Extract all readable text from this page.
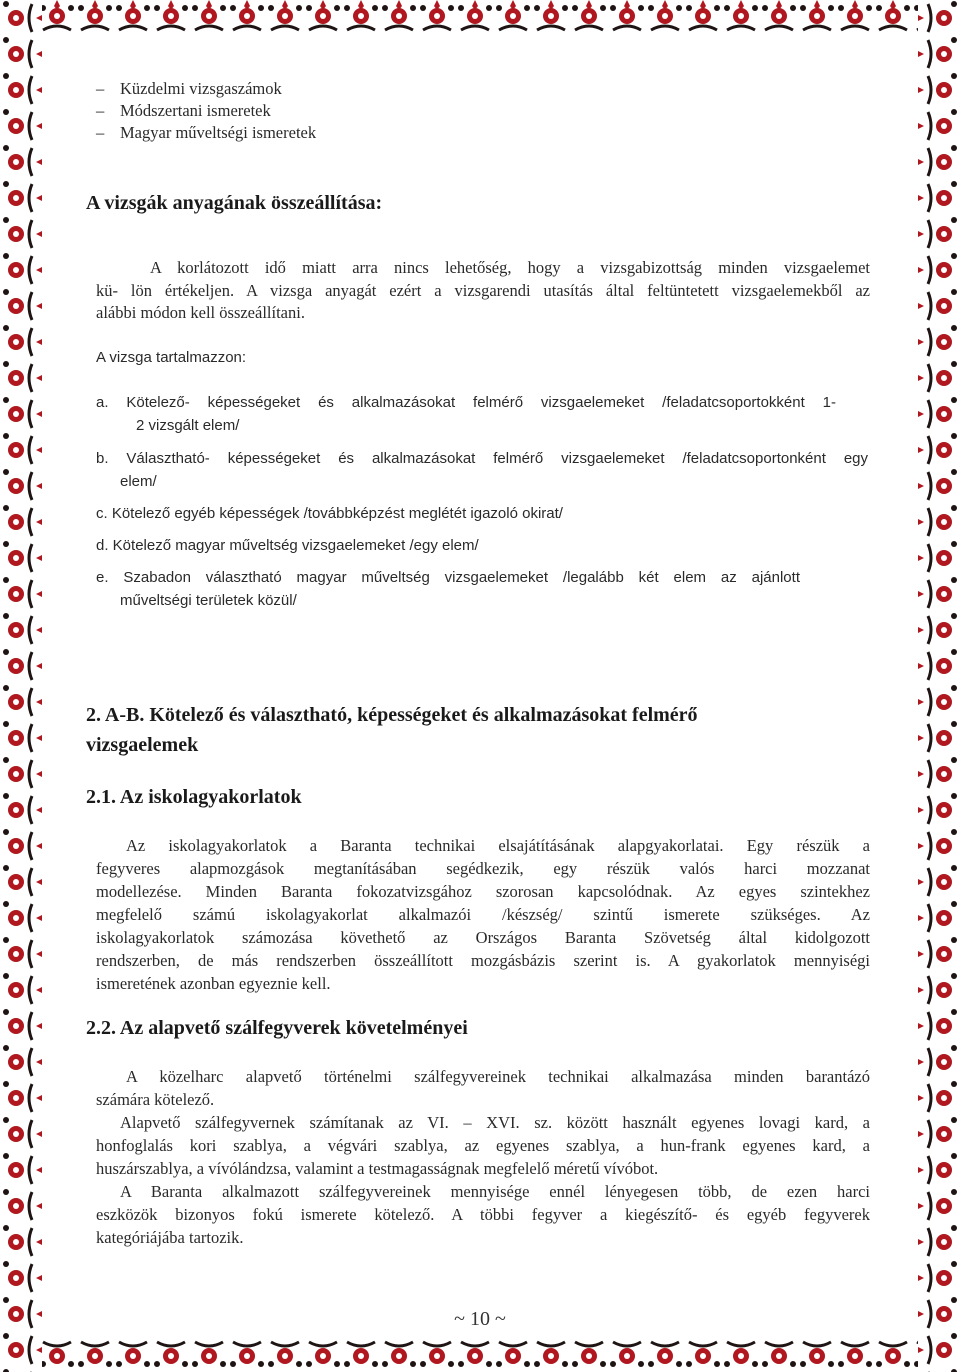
– Küzdelmi vizsgaszámok
– Módszertani ismeretek
– Magyar műveltségi ismeretek
A vizsgák anyagának összeállítása:
A korlátozott idő miatt arra nincs lehetőség, hogy a vizsgabizottság minden vizsgaelemet
kü- lön értékeljen. A vizsga anyagát ezért a vizsgarendi utasítás által feltüntetett vizsgaelemekből az
alábbi módon kell összeállítani.
A vizsga tartalmazzon:
a. Kötelező- képességeket és alkalmazásokat felmérő vizsgaelemeket /feladatcsoportokként 1-
2 vizsgált elem/
b. Választható- képességeket és alkalmazásokat felmérő vizsgaelemeket /feladatcsoportonként egy
elem/
c. Kötelező egyéb képességek /továbbképzést meglétét igazoló okirat/
d. Kötelező magyar műveltség vizsgaelemeket /egy elem/
e. Szabadon választható magyar műveltség vizsgaelemeket /legalább két elem az ajánlott
műveltségi területek közül/
2. A-B. Kötelező és választható, képességeket és alkalmazásokat felmérő
vizsgaelemek
2.1. Az iskolagyakorlatok
Az iskolagyakorlatok a Baranta technikai elsajátításának alapgyakorlatai. Egy részük a
fegyveres alapmozgások megtanításában segédkezik, egy részük valós harci mozzanat
modellezése. Minden Baranta fokozatvizsgához szorosan kapcsolódnak. Az egyes szintekhez
megfelelő számú iskolagyakorlat alkalmazói /készség/ szintű ismerete szükséges. Az
iskolagyakorlatok számozása követhető az Országos Baranta Szövetség által kidolgozott
rendszerben, de más rendszerben összeállított mozgásbázis szerint is. A gyakorlatok mennyiségi
ismeretének azonban egyeznie kell.
2.2. Az alapvető szálfegyverek követelményei
A közelharc alapvető történelmi szálfegyvereinek technikai alkalmazása minden barantázó
számára kötelező.
Alapvető szálfegyvernek számítanak az VI. – XVI. sz. között használt egyenes lovagi kard, a
honfoglalás kori szablya, a végvári szablya, az egyenes szablya, a hun-frank egyenes kard, a
huszárszablya, a vívólándzsa, valamint a testmagasságnak megfelelő méretű vívóbot.
A Baranta alkalmazott szálfegyvereinek mennyisége ennél lényegesen több, de ezen harci
eszközök bizonyos fokú ismerete kötelező. A többi fegyver a kiegészítő- és egyéb fegyverek
kategóriájába tartozik.
~ 10 ~
